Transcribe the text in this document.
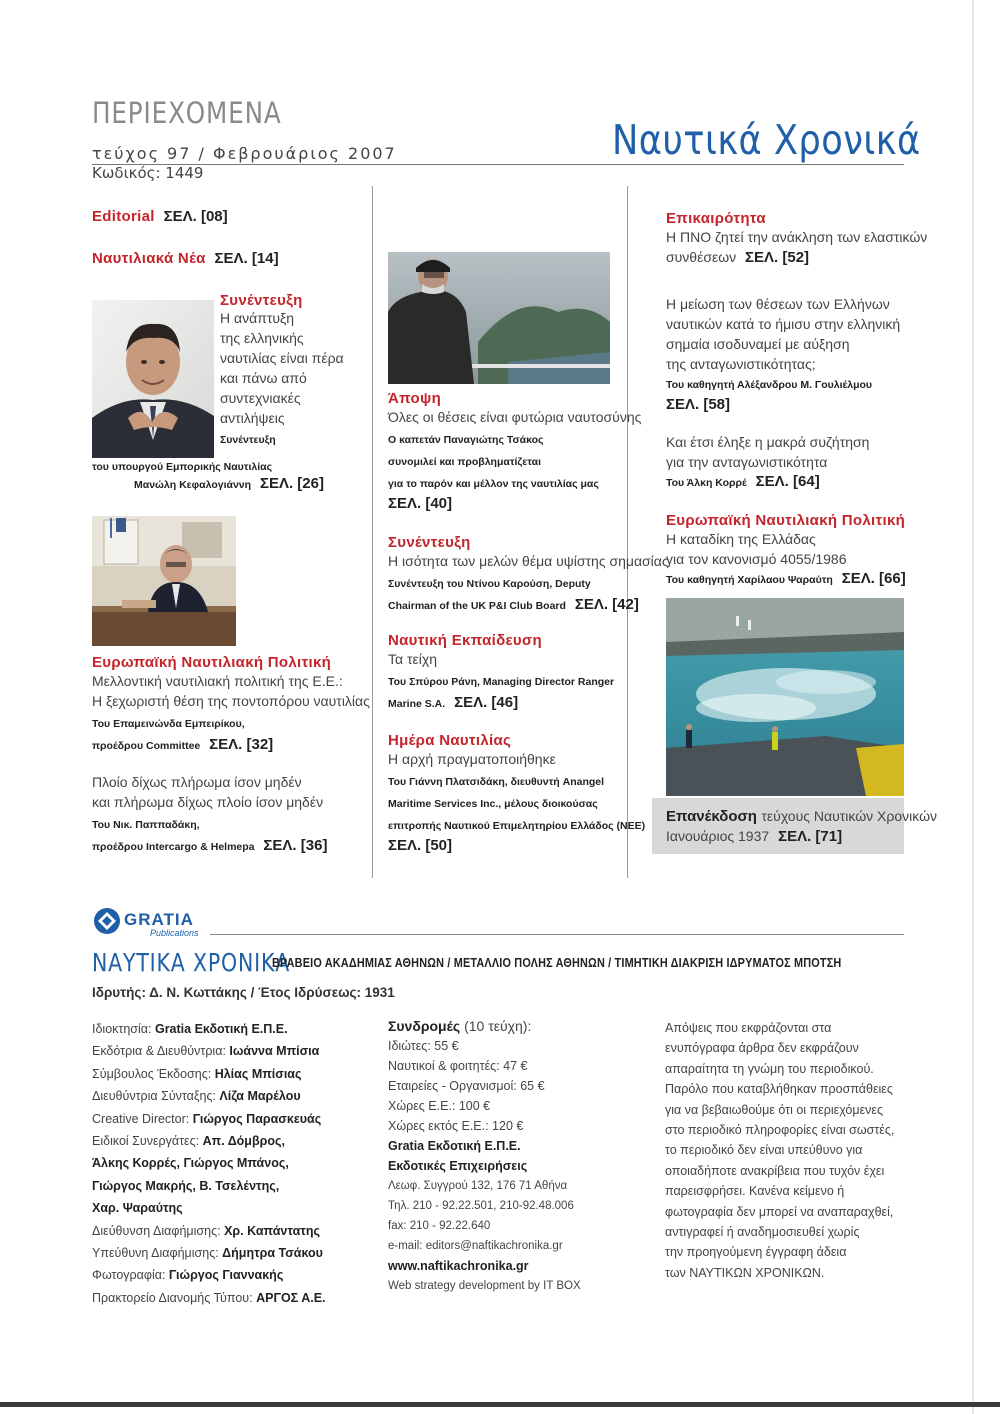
ΠΕΡΙΕΧΟΜΕΝΑ
τεύχος 97 / Φεβρουάριος 2007
Κωδικός: 1449
Ναυτικά Χρονικά
Editorial ΣΕΛ. [08]
Ναυτιλιακά Νέα ΣΕΛ. [14]
Συνέντευξη
Η ανάπτυξη
της ελληνικής
ναυτιλίας είναι πέρα
και πάνω από
συντεχνιακές
αντιλήψεις
Συνέντευξη
του υπουργού Εμπορικής Ναυτιλίας
Μανώλη Κεφαλογιάννη ΣΕΛ. [26]
Ευρωπαϊκή Ναυτιλιακή Πολιτική
Μελλοντική ναυτιλιακή πολιτική της Ε.Ε.:
Η ξεχωριστή θέση της ποντοπόρου ναυτιλίας
Του Επαμεινώνδα Εμπειρίκου,
προέδρου Committee ΣΕΛ. [32]
Πλοίο δίχως πλήρωμα ίσον μηδέν
και πλήρωμα δίχως πλοίο ίσον μηδέν
Του Νικ. Παππαδάκη,
προέδρου Intercargo & Helmepa ΣΕΛ. [36]
Άποψη
Όλες οι θέσεις είναι φυτώρια ναυτοσύνης
Ο καπετάν Παναγιώτης Τσάκος
συνομιλεί και προβληματίζεται
για το παρόν και μέλλον της ναυτιλίας μας
ΣΕΛ. [40]
Συνέντευξη
Η ισότητα των μελών θέμα υψίστης σημασίας
Συνέντευξη του Ντίνου Καρούση, Deputy
Chairman of the UK P&I Club Board ΣΕΛ. [42]
Ναυτική Εκπαίδευση
Τα τείχη
Του Σπύρου Ράνη, Managing Director Ranger
Marine S.A. ΣΕΛ. [46]
Ημέρα Ναυτιλίας
Η αρχή πραγματοποιήθηκε
Του Γιάννη Πλατσιδάκη, διευθυντή Anangel
Maritime Services Inc., μέλους διοικούσας
επιτροπής Ναυτικού Επιμελητηρίου Ελλάδος (ΝΕΕ)
ΣΕΛ. [50]
Επικαιρότητα
Η ΠΝΟ ζητεί την ανάκληση των ελαστικών
συνθέσεων ΣΕΛ. [52]
Η μείωση των θέσεων των Ελλήνων
ναυτικών κατά το ήμισυ στην ελληνική
σημαία ισοδυναμεί με αύξηση
της ανταγωνιστικότητας;
Του καθηγητή Αλέξανδρου Μ. Γουλιέλμου
ΣΕΛ. [58]
Και έτσι έληξε η μακρά συζήτηση
για την ανταγωνιστικότητα
Του Άλκη Κορρέ ΣΕΛ. [64]
Ευρωπαϊκή Ναυτιλιακή Πολιτική
Η καταδίκη της Ελλάδας
για τον κανονισμό 4055/1986
Του καθηγητή Χαρίλαου Ψαραύτη ΣΕΛ. [66]
Επανέκδοση τεύχους Ναυτικών Χρονικών
Ιανουάριος 1937 ΣΕΛ. [71]
GRATIA
Publications
ΝΑΥΤΙΚΑ ΧΡΟΝΙΚΑ
ΒΡΑΒΕΙΟ ΑΚΑΔΗΜΙΑΣ ΑΘΗΝΩΝ / ΜΕΤΑΛΛΙΟ ΠΟΛΗΣ ΑΘΗΝΩΝ / ΤΙΜΗΤΙΚΗ ΔΙΑΚΡΙΣΗ ΙΔΡΥΜΑΤΟΣ ΜΠΟΤΣΗ
Ιδρυτής: Δ. Ν. Κωττάκης / Έτος Ιδρύσεως: 1931
Ιδιοκτησία: Gratia Εκδοτική Ε.Π.Ε.
Εκδότρια & Διευθύντρια: Ιωάννα Μπίσια
Σύμβουλος Έκδοσης: Ηλίας Μπίσιας
Διευθύντρια Σύνταξης: Λίζα Μαρέλου
Creative Director: Γιώργος Παρασκευάς
Ειδικοί Συνεργάτες: Απ. Δόμβρος,
Άλκης Κορρές, Γιώργος Μπάνος,
Γιώργος Μακρής, Β. Τσελέντης,
Χαρ. Ψαραύτης
Διεύθυνση Διαφήμισης: Χρ. Καπάντατης
Υπεύθυνη Διαφήμισης: Δήμητρα Τσάκου
Φωτογραφία: Γιώργος Γιαννακής
Πρακτορείο Διανομής Τύπου: ΑΡΓΟΣ Α.Ε.
Συνδρομές (10 τεύχη):
Ιδιώτες: 55 €
Ναυτικοί & φοιτητές: 47 €
Εταιρείες - Οργανισμοί: 65 €
Χώρες Ε.Ε.: 100 €
Χώρες εκτός Ε.Ε.: 120 €
Gratia Εκδοτική Ε.Π.Ε.
Εκδοτικές Επιχειρήσεις
Λεωφ. Συγγρού 132, 176 71 Αθήνα
Τηλ. 210 - 92.22.501, 210-92.48.006
fax: 210 - 92.22.640
e-mail: editors@naftikachronika.gr
www.naftikachronika.gr
Web strategy development by IT BOX
Απόψεις που εκφράζονται στα
ενυπόγραφα άρθρα δεν εκφράζουν
απαραίτητα τη γνώμη του περιοδικού.
Παρόλο που καταβλήθηκαν προσπάθειες
για να βεβαιωθούμε ότι οι περιεχόμενες
στο περιοδικό πληροφορίες είναι σωστές,
το περιοδικό δεν είναι υπεύθυνο για
οποιαδήποτε ανακρίβεια που τυχόν έχει
παρεισφρήσει. Κανένα κείμενο ή
φωτογραφία δεν μπορεί να αναπαραχθεί,
αντιγραφεί ή αναδημοσιευθεί χωρίς
την προηγούμενη έγγραφη άδεια
των ΝΑΥΤΙΚΩΝ ΧΡΟΝΙΚΩΝ.
